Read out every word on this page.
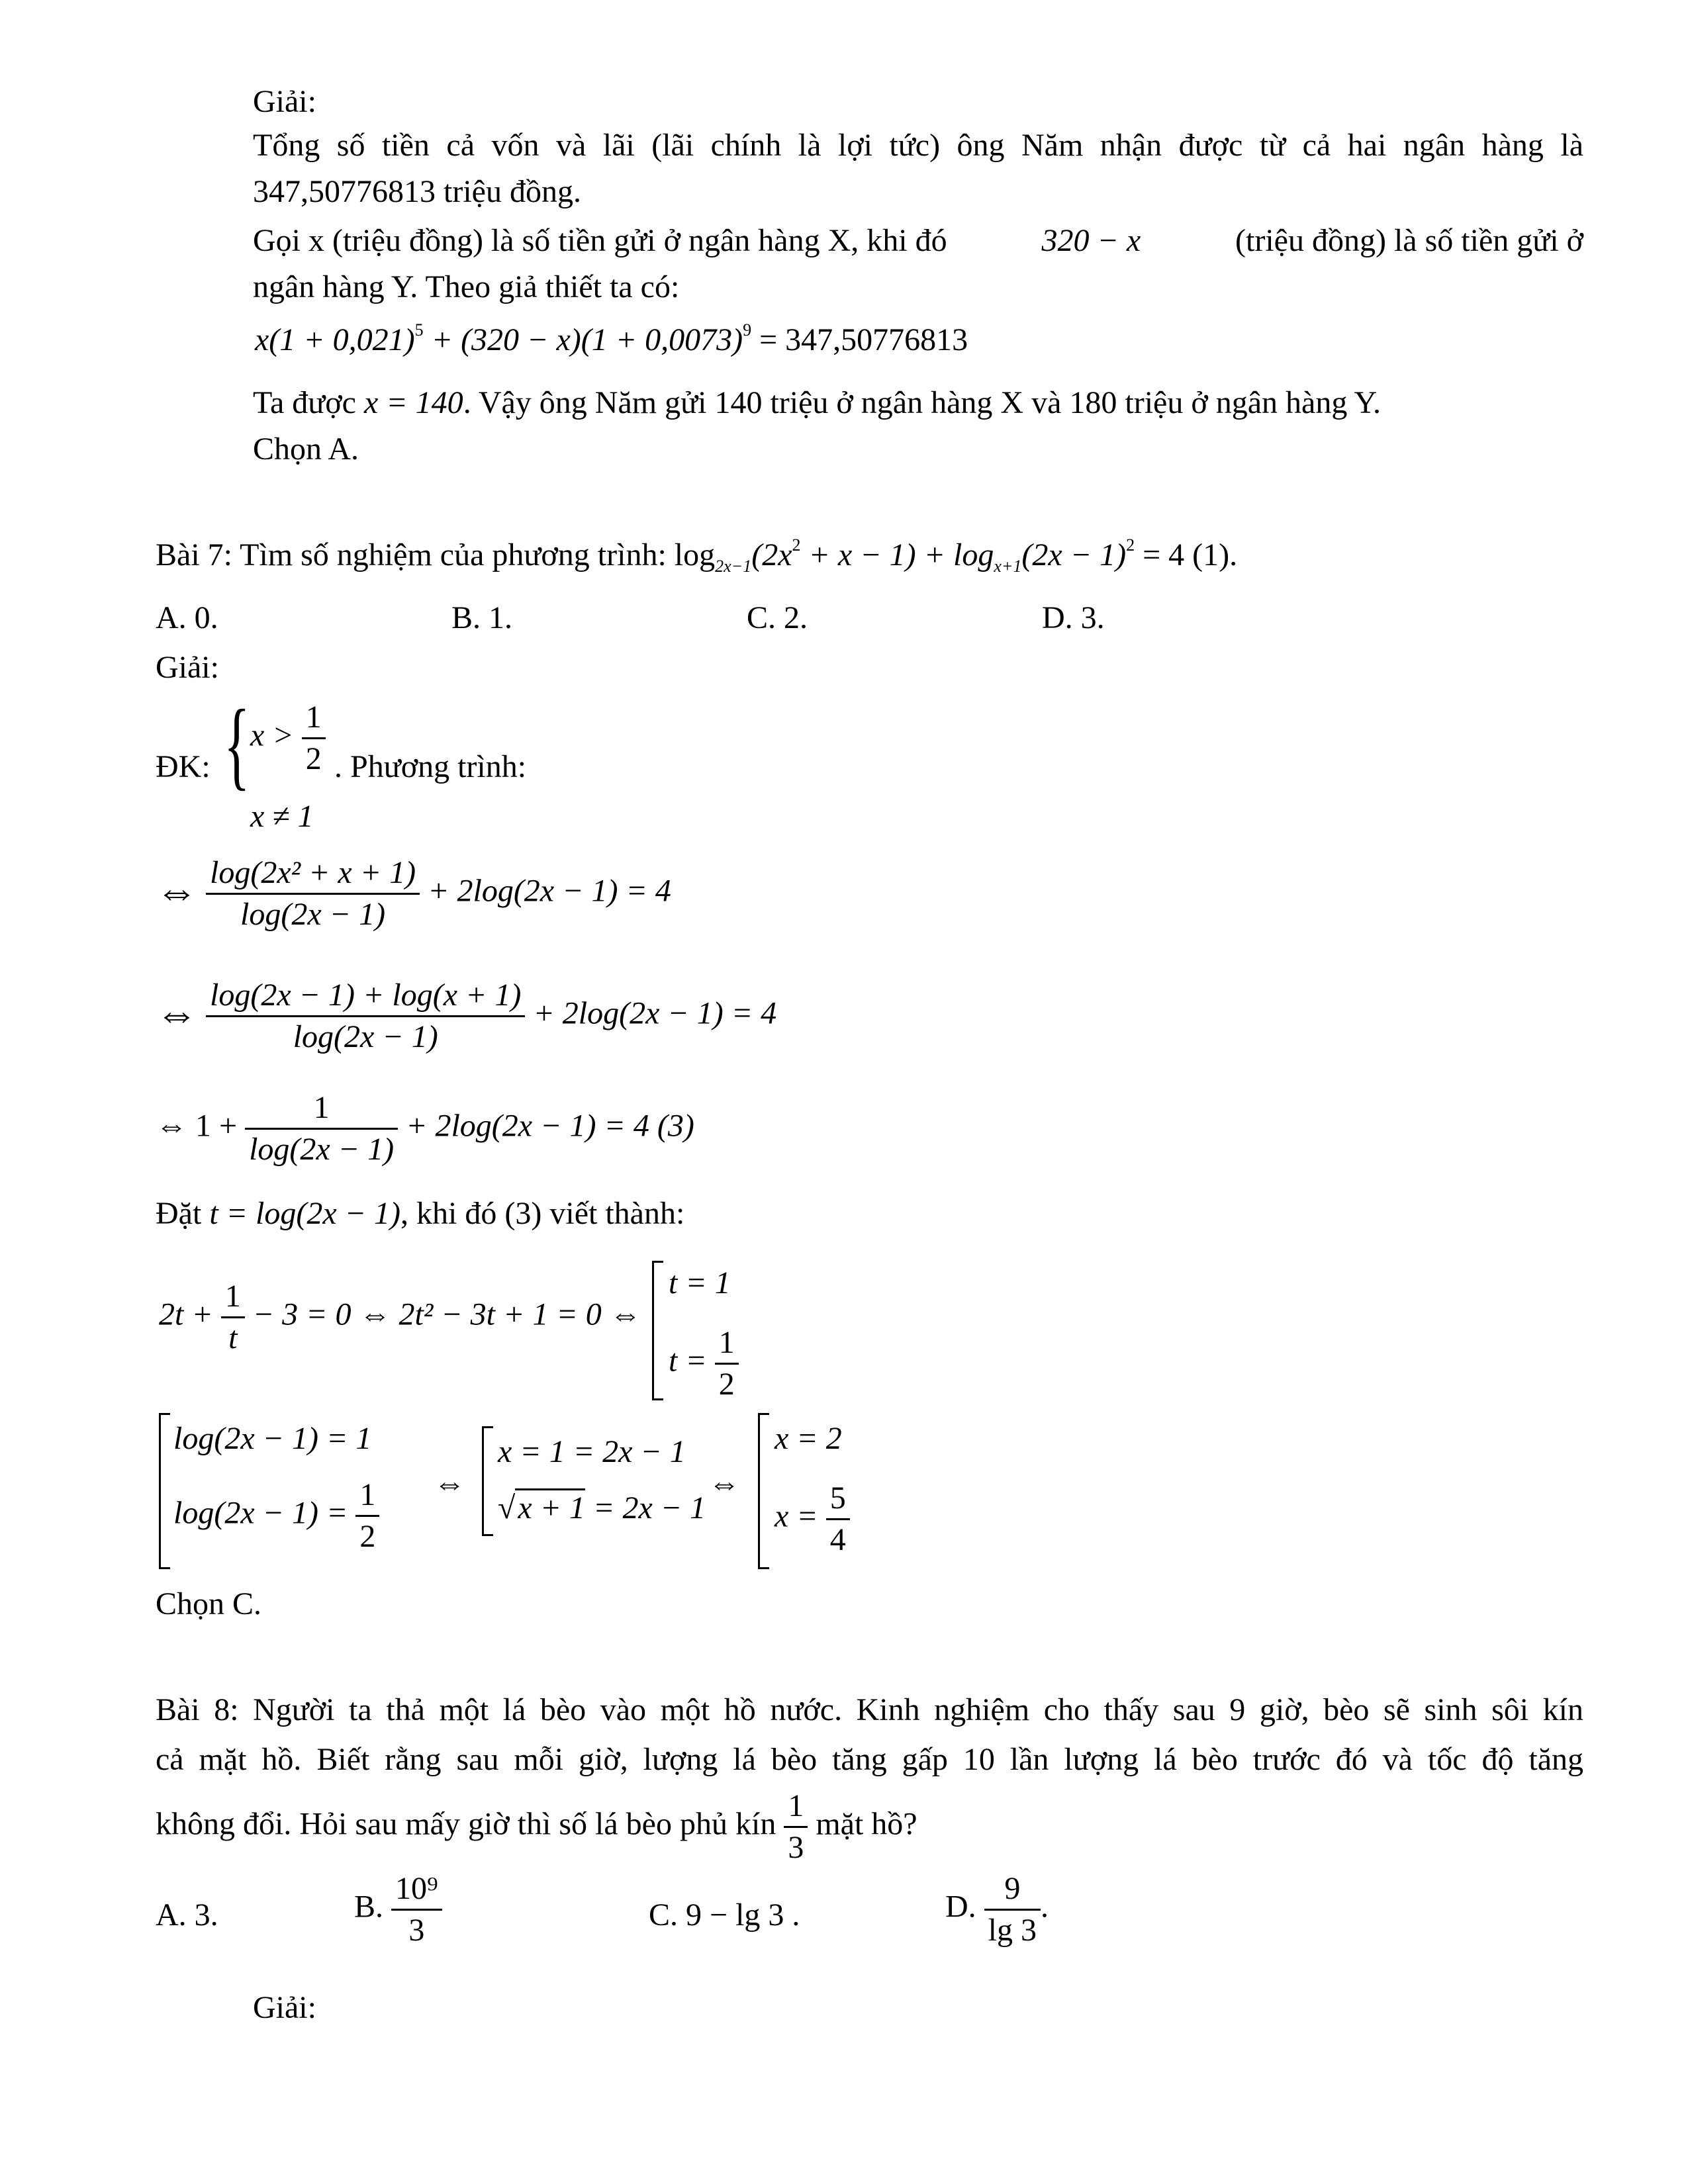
Giải:
Tổng số tiền cả vốn và lãi (lãi chính là lợi tức) ông Năm nhận được từ cả hai ngân hàng là
347,50776813 triệu đồng.
Gọi x (triệu đồng) là số tiền gửi ở ngân hàng X, khi đó	320 − x	(triệu đồng) là số tiền gửi ở
ngân hàng Y. Theo giả thiết ta có:
$x(1 + 0,021)^5 + (320 - x)(1 + 0,0073)^9 = 347,50776813$
Ta được x = 140. Vậy ông Năm gửi 140 triệu ở ngân hàng X và 180 triệu ở ngân hàng Y.
Chọn A.
Bài 7: Tìm số nghiệm của phương trình: $\log_{2x-1}(2x^2 + x - 1) + \log_{x+1}(2x - 1)^2 = 4$ (1).
A. 0.	B. 1.	C. 2.	D. 3.
Giải:
ĐK: { $x > \frac{1}{2}$ . Phương trình:
x ≠ 1
⇔ $\frac{\text{log(2x² + x + 1)}}{\log(2x - 1)} + 2\log(2x - 1) = 4$
⇔ $\frac{\log(2x - 1) + \log(x + 1)}{\log(2x - 1)} + 2\log(2x - 1) = 4$
⇔ $1 + \frac{1}{\log(2x - 1)} + 2\log(2x - 1) = 4$ (3)
Đặt t = log(2x − 1), khi đó (3) viết thành:
$2t + \frac{1}{t} - 3 = 0$ ⇔ 2t² − 3t + 1 = 0 ⇔
t = 1
$t = \frac{1}{2}$
log(2x − 1) = 1
$\log(2x - 1) = \frac{1}{2}$ ⇔
x = 1 = 2x − 1
√x + 1 = 2x − 1
⇔
x = 2
$x = \frac{5}{4}$
Chọn C.
Bài 8: Người ta thả một lá bèo vào một hồ nước. Kinh nghiệm cho thấy sau 9 giờ, bèo sẽ sinh sôi kín
cả mặt hồ. Biết rằng sau mỗi giờ, lượng lá bèo tăng gấp 10 lần lượng lá bèo trước đó và tốc độ tăng
không đổi. Hỏi sau mấy giờ thì số lá bèo phủ kín $\frac{1}{3}$ mặt hồ?
A. 3.	B. $\frac{\text{10⁹}}{3}$	C. 9 − lg 3 .	D. $\frac{9}{\lg 3}$ .
Giải:
